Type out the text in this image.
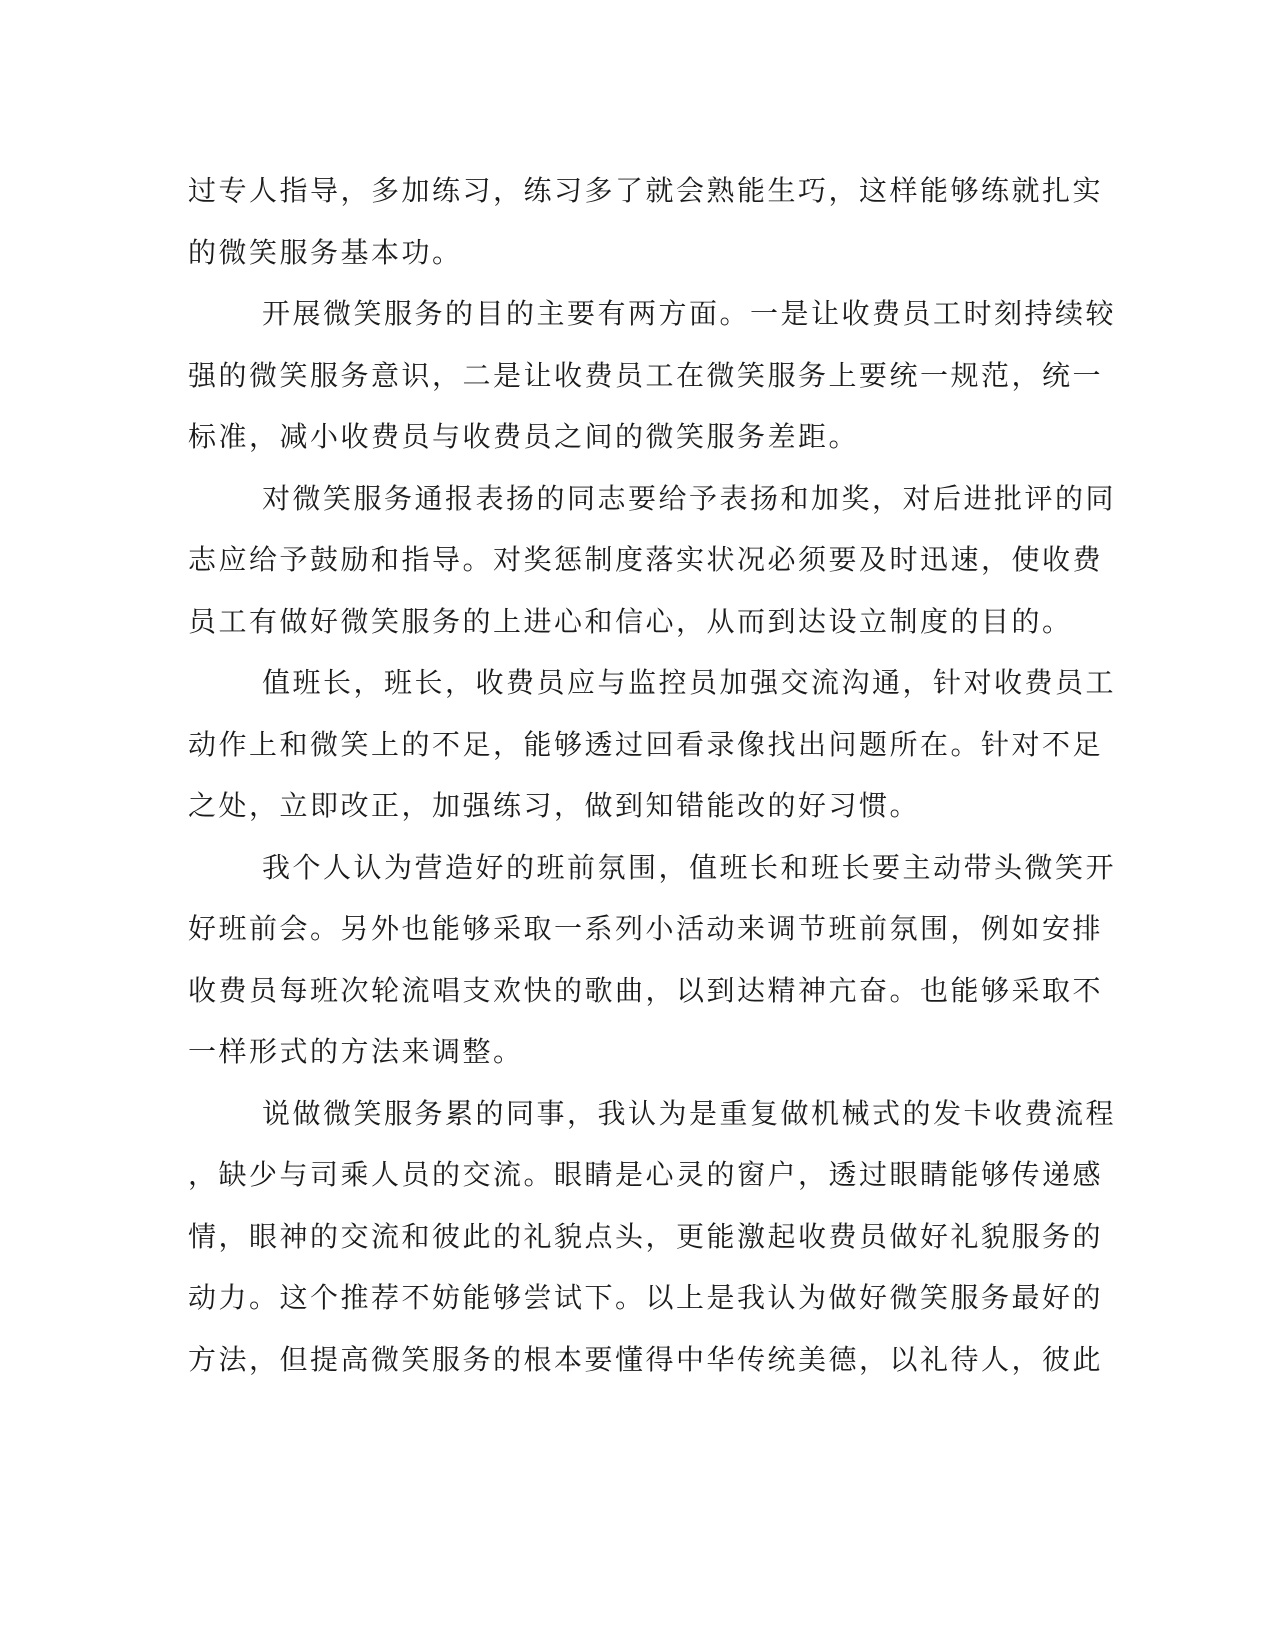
过专人指导，多加练习，练习多了就会熟能生巧，这样能够练就扎实
的微笑服务基本功。
开展微笑服务的目的主要有两方面。一是让收费员工时刻持续较
强的微笑服务意识，二是让收费员工在微笑服务上要统一规范，统一
标准，减小收费员与收费员之间的微笑服务差距。
对微笑服务通报表扬的同志要给予表扬和加奖，对后进批评的同
志应给予鼓励和指导。对奖惩制度落实状况必须要及时迅速，使收费
员工有做好微笑服务的上进心和信心，从而到达设立制度的目的。
值班长，班长，收费员应与监控员加强交流沟通，针对收费员工
动作上和微笑上的不足，能够透过回看录像找出问题所在。针对不足
之处，立即改正，加强练习，做到知错能改的好习惯。
我个人认为营造好的班前氛围，值班长和班长要主动带头微笑开
好班前会。另外也能够采取一系列小活动来调节班前氛围，例如安排
收费员每班次轮流唱支欢快的歌曲，以到达精神亢奋。也能够采取不
一样形式的方法来调整。
说做微笑服务累的同事，我认为是重复做机械式的发卡收费流程
，缺少与司乘人员的交流。眼睛是心灵的窗户，透过眼睛能够传递感
情，眼神的交流和彼此的礼貌点头，更能激起收费员做好礼貌服务的
动力。这个推荐不妨能够尝试下。以上是我认为做好微笑服务最好的
方法，但提高微笑服务的根本要懂得中华传统美德，以礼待人，彼此
